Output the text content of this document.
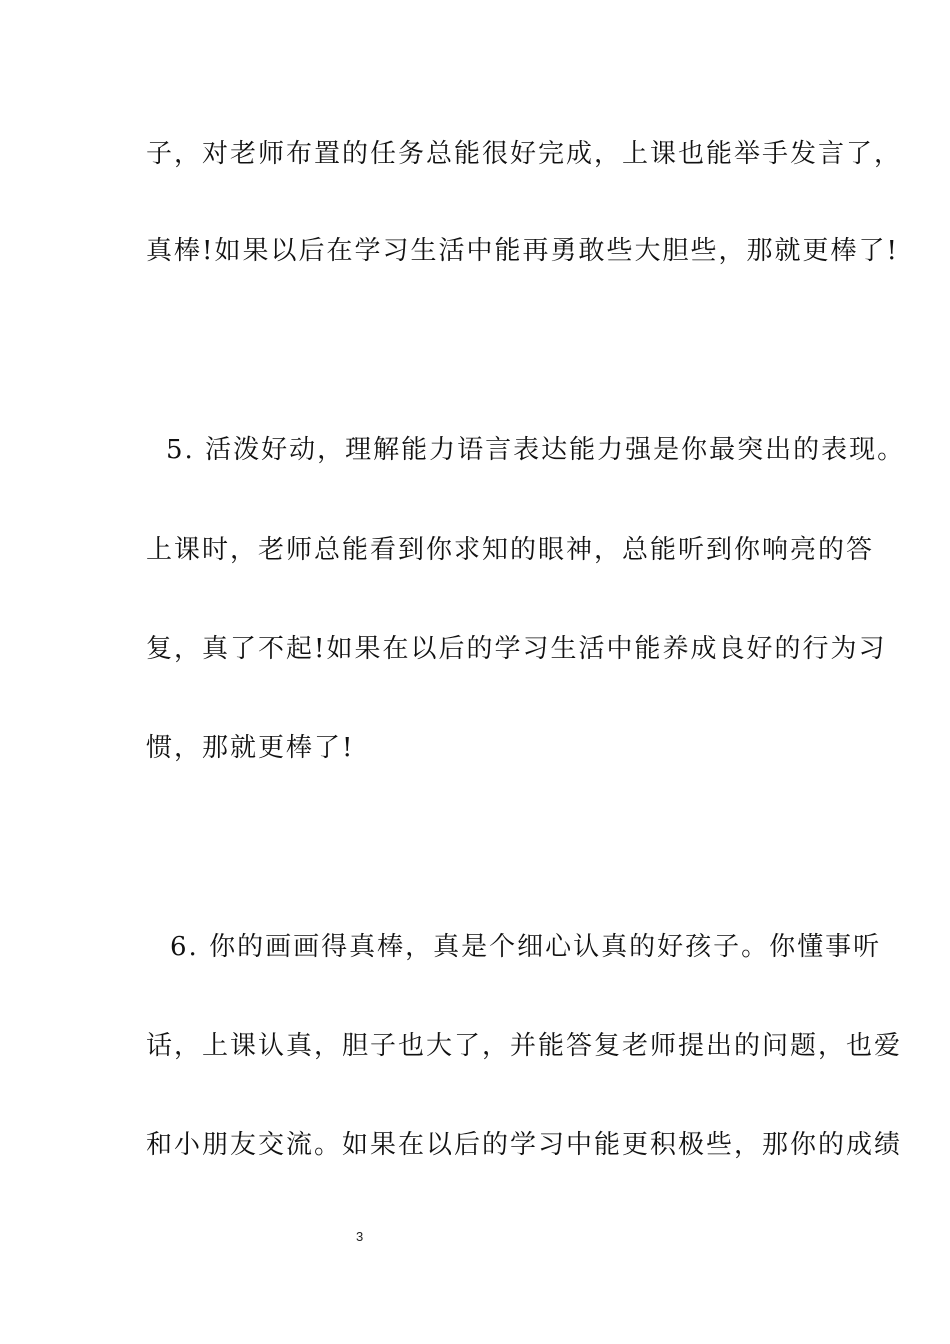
子，对老师布置的任务总能很好完成，上课也能举手发言了，

真棒!如果以后在学习生活中能再勇敢些大胆些，那就更棒了!

5. 活泼好动，理解能力语言表达能力强是你最突出的表现。

上课时，老师总能看到你求知的眼神，总能听到你响亮的答

复，真了不起!如果在以后的学习生活中能养成良好的行为习

惯，那就更棒了!

6. 你的画画得真棒，真是个细心认真的好孩子。你懂事听

话，上课认真，胆子也大了，并能答复老师提出的问题，也爱

和小朋友交流。如果在以后的学习中能更积极些，那你的成绩

3
